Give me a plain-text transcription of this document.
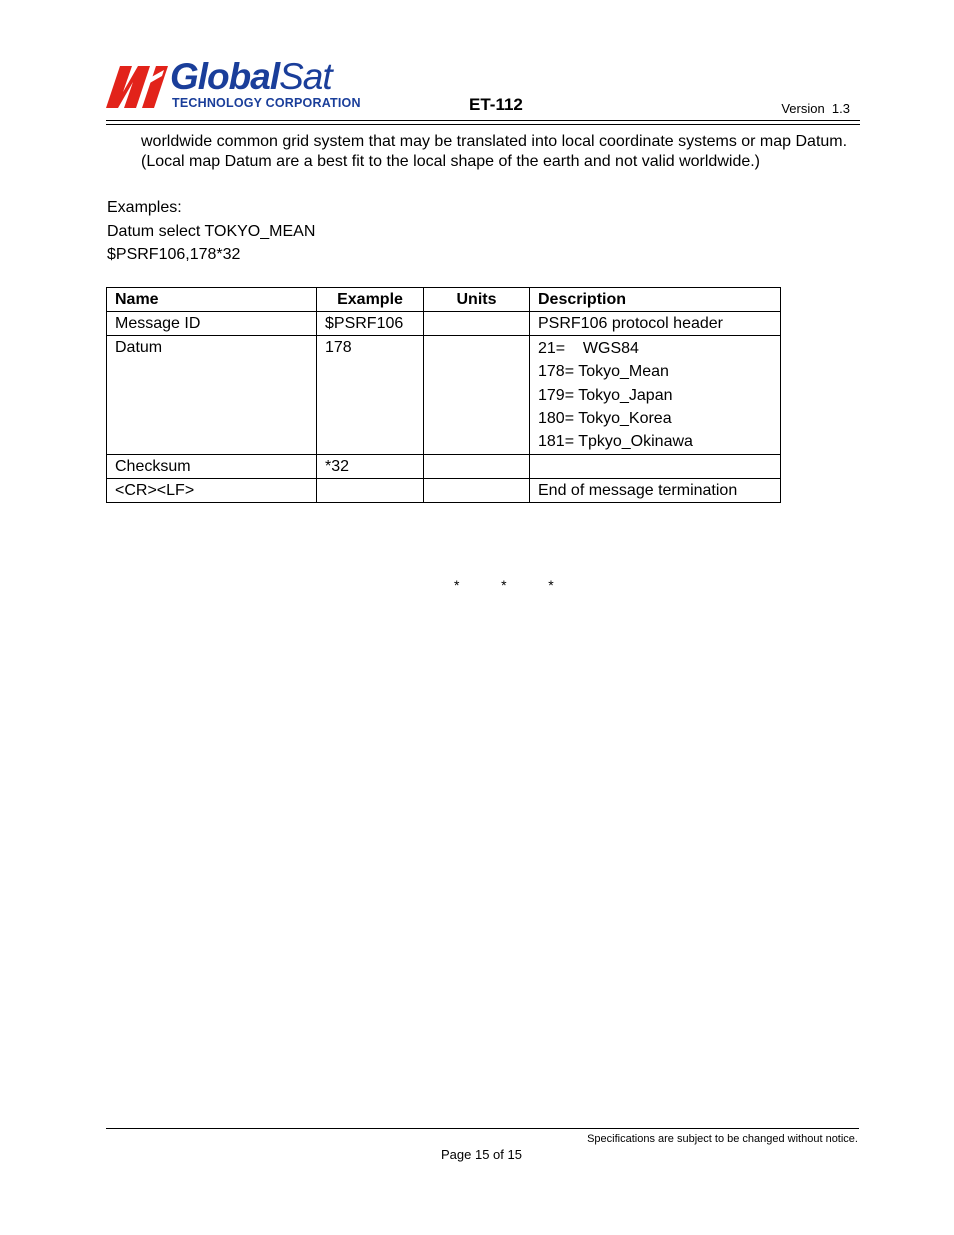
GlobalSat
TECHNOLOGY CORPORATION	ET-112	Version  1.3
worldwide common grid system that may be translated into local coordinate systems or map Datum.
(Local map Datum are a best fit to the local shape of the earth and not valid worldwide.)
Examples:
Datum select TOKYO_MEAN
$PSRF106,178*32
Name	Example	Units	Description
Message ID	$PSRF106		PSRF106 protocol header
Datum	178		21=    WGS84
178= Tokyo_Mean
179= Tokyo_Japan
180= Tokyo_Korea
181= Tpkyo_Okinawa

Checksum	*32		
<CR><LF>			End of message termination
*   *   *
Specifications are subject to be changed without notice.
Page 15 of 15
